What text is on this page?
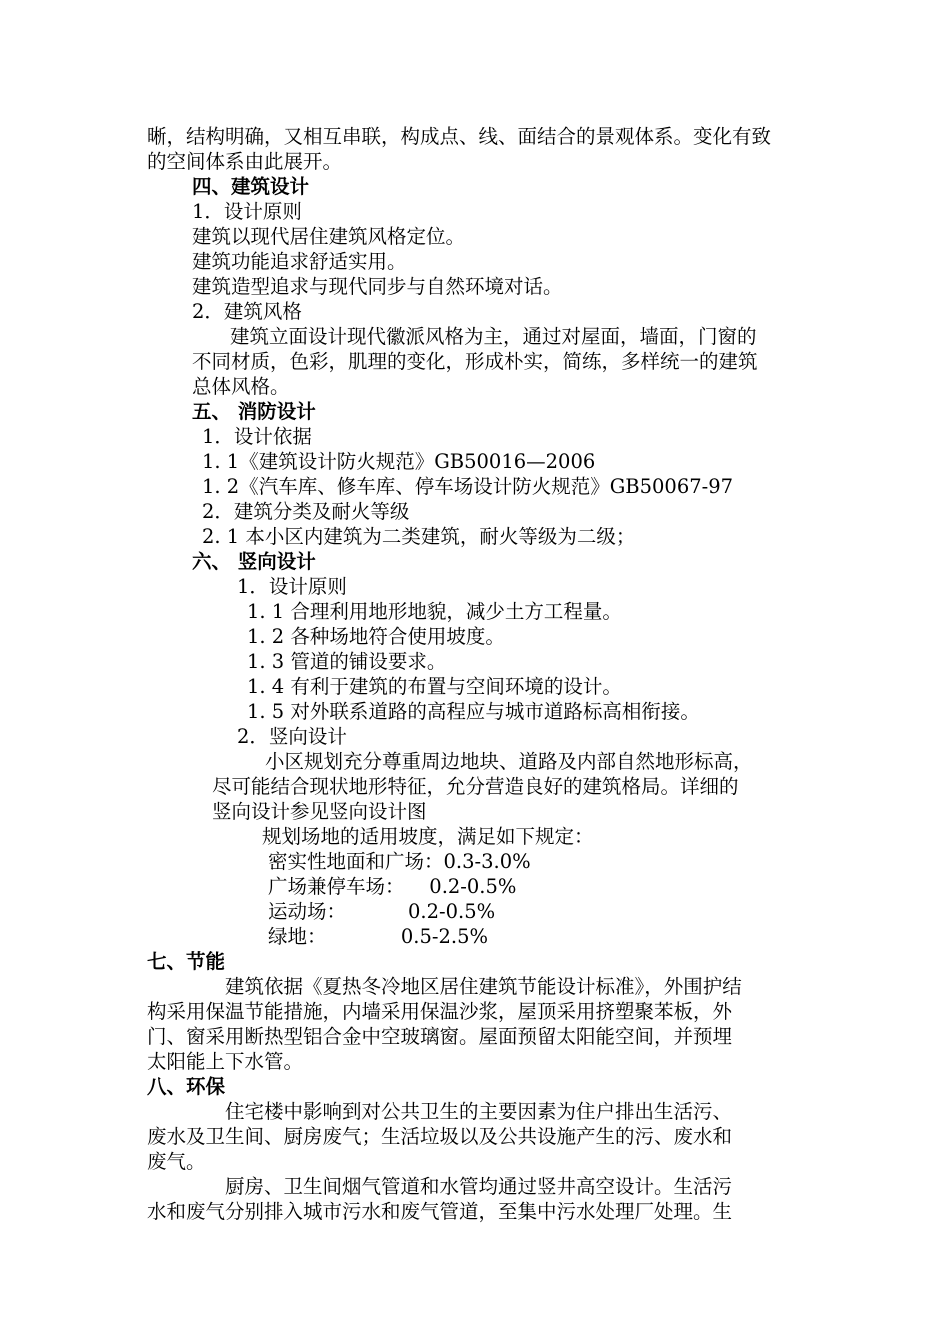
晰，结构明确，又相互串联，构成点、线、面结合的景观体系。变化有致

的空间体系由此展开。

四、建筑设计

1．设计原则

建筑以现代居住建筑风格定位。

建筑功能追求舒适实用。

建筑造型追求与现代同步与自然环境对话。

2．建筑风格

建筑立面设计现代徽派风格为主，通过对屋面，墙面，门窗的

不同材质，色彩，肌理的变化，形成朴实，简练，多样统一的建筑

总体风格。

五、 消防设计

1．设计依据

1. 1《建筑设计防火规范》GB50016—2006

1. 2《汽车库、修车库、停车场设计防火规范》GB50067-97

2．建筑分类及耐火等级

2. 1 本小区内建筑为二类建筑，耐火等级为二级；

六、 竖向设计

1．设计原则

1. 1 合理利用地形地貌，减少土方工程量。

1. 2 各种场地符合使用坡度。

1. 3 管道的铺设要求。

1. 4 有利于建筑的布置与空间环境的设计。

1. 5 对外联系道路的高程应与城市道路标高相衔接。

2．竖向设计

小区规划充分尊重周边地块、道路及内部自然地形标高，

尽可能结合现状地形特征，允分营造良好的建筑格局。详细的

竖向设计参见竖向设计图

规划场地的适用坡度，满足如下规定：

密实性地面和广场：0.3-3.0%

广场兼停车场：    0.2-0.5%

运动场：          0.2-0.5%

绿地：            0.5-2.5%

七、节能

建筑依据《夏热冬冷地区居住建筑节能设计标准》，外围护结

构采用保温节能措施，内墙采用保温沙浆，屋顶采用挤塑聚苯板，外

门、窗采用断热型铝合金中空玻璃窗。屋面预留太阳能空间，并预埋

太阳能上下水管。

八、环保

住宅楼中影响到对公共卫生的主要因素为住户排出生活污、

废水及卫生间、厨房废气；生活垃圾以及公共设施产生的污、废水和

废气。

厨房、卫生间烟气管道和水管均通过竖井高空设计。生活污

水和废气分别排入城市污水和废气管道，至集中污水处理厂处理。生
